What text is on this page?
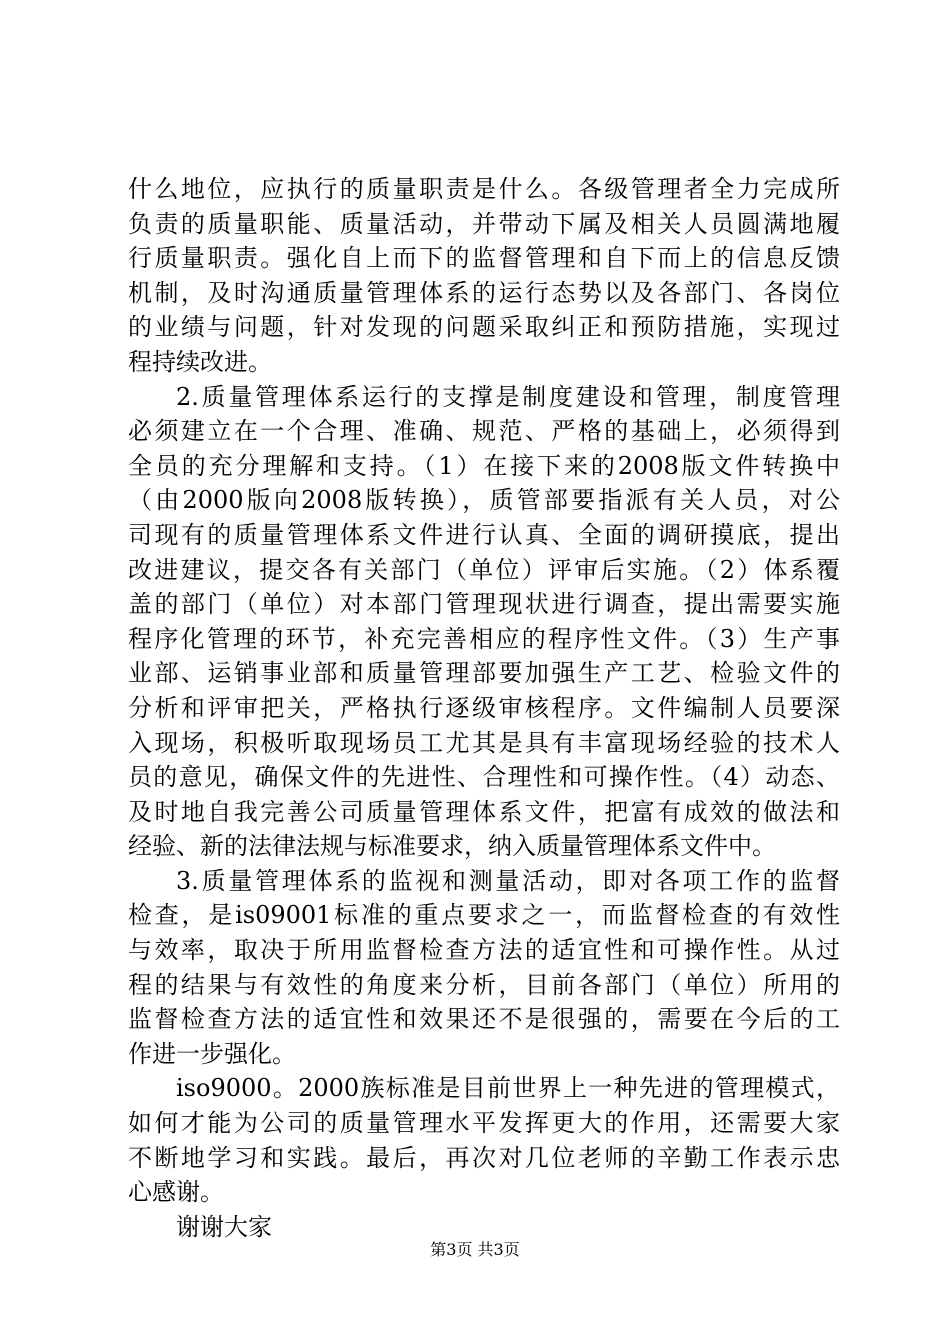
什么地位，应执行的质量职责是什么。各级管理者全力完成所
负责的质量职能、质量活动，并带动下属及相关人员圆满地履
行质量职责。强化自上而下的监督管理和自下而上的信息反馈
机制，及时沟通质量管理体系的运行态势以及各部门、各岗位
的业绩与问题，针对发现的问题采取纠正和预防措施，实现过
程持续改进。
2.质量管理体系运行的支撑是制度建设和管理，制度管理
必须建立在一个合理、准确、规范、严格的基础上，必须得到
全员的充分理解和支持。（1）在接下来的2008版文件转换中
（由2000版向2008版转换），质管部要指派有关人员，对公
司现有的质量管理体系文件进行认真、全面的调研摸底，提出
改进建议，提交各有关部门（单位）评审后实施。（2）体系覆
盖的部门（单位）对本部门管理现状进行调查，提出需要实施
程序化管理的环节，补充完善相应的程序性文件。（3）生产事
业部、运销事业部和质量管理部要加强生产工艺、检验文件的
分析和评审把关，严格执行逐级审核程序。文件编制人员要深
入现场，积极听取现场员工尤其是具有丰富现场经验的技术人
员的意见，确保文件的先进性、合理性和可操作性。（4）动态、
及时地自我完善公司质量管理体系文件，把富有成效的做法和
经验、新的法律法规与标准要求，纳入质量管理体系文件中。
3.质量管理体系的监视和测量活动，即对各项工作的监督
检查，是is09001标准的重点要求之一，而监督检查的有效性
与效率，取决于所用监督检查方法的适宜性和可操作性。从过
程的结果与有效性的角度来分析，目前各部门（单位）所用的
监督检查方法的适宜性和效果还不是很强的，需要在今后的工
作进一步强化。
iso9000。2000族标准是目前世界上一种先进的管理模式，
如何才能为公司的质量管理水平发挥更大的作用，还需要大家
不断地学习和实践。最后，再次对几位老师的辛勤工作表示忠
心感谢。
谢谢大家
第3页 共3页
